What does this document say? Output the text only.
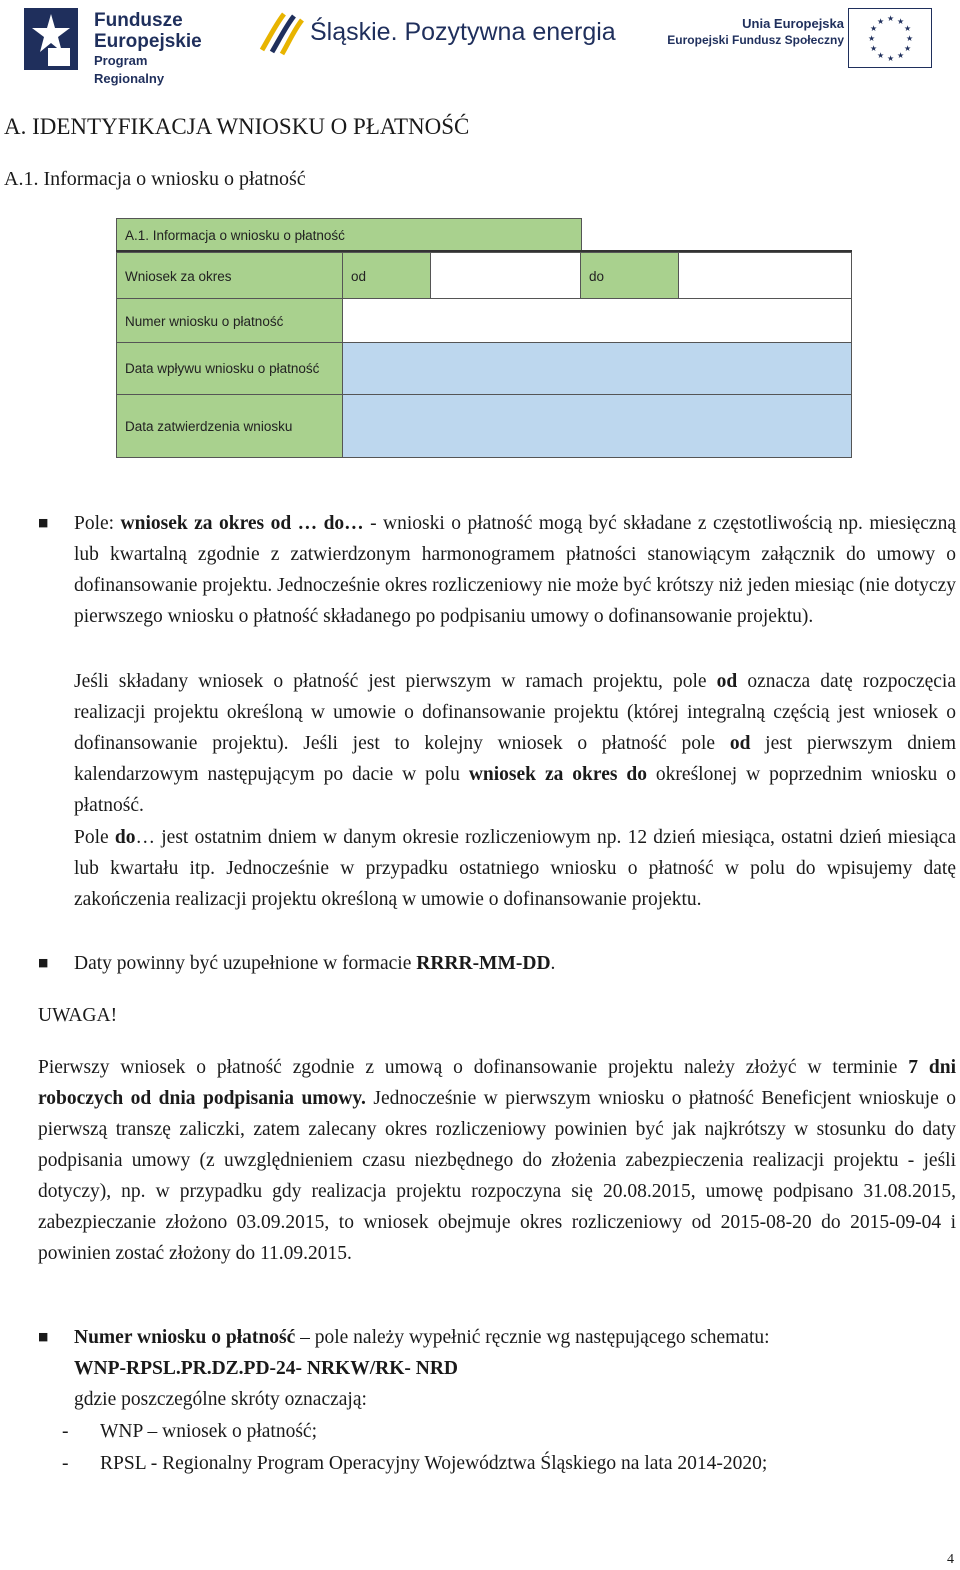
Fundusze
Europejskie
Program Regionalny
Śląskie. Pozytywna energia	Unia Europejska
Europejski Fundusz Społeczny
★ ★
★
★
★
★
★
★
★
★
★
★
A. IDENTYFIKACJA WNIOSKU O PŁATNOŚĆ
A.1. Informacja o wniosku o płatność
A.1. Informacja o wniosku o płatność
Wniosek za okres	od	do
Numer wniosku o płatność
Data wpływu wniosku o płatność
Data zatwierdzenia wniosku
■ Pole: wniosek za okres od … do… - wnioski o płatność mogą być składane z częstotliwością np. miesięczną lub kwartalną zgodnie z zatwierdzonym harmonogramem płatności stanowiącym załącznik do umowy o dofinansowanie projektu. Jednocześnie okres rozliczeniowy nie może być krótszy niż jeden miesiąc (nie dotyczy pierwszego wniosku o płatność składanego po podpisaniu umowy o dofinansowanie projektu).
Jeśli składany wniosek o płatność jest pierwszym w ramach projektu, pole od oznacza datę rozpoczęcia realizacji projektu określoną w umowie o dofinansowanie projektu (której integralną częścią jest wniosek o dofinansowanie projektu). Jeśli jest to kolejny wniosek o płatność pole od jest pierwszym dniem kalendarzowym następującym po dacie w polu wniosek za okres do określonej w poprzednim wniosku o płatność.
Pole do… jest ostatnim dniem w danym okresie rozliczeniowym np. 12 dzień miesiąca, ostatni dzień miesiąca lub kwartału itp. Jednocześnie w przypadku ostatniego wniosku o płatność w polu do wpisujemy datę zakończenia realizacji projektu określoną w umowie o dofinansowanie projektu.
■ Daty powinny być uzupełnione w formacie RRRR-MM-DD.
UWAGA!
Pierwszy wniosek o płatność zgodnie z umową o dofinansowanie projektu należy złożyć w terminie 7 dni roboczych od dnia podpisania umowy. Jednocześnie w pierwszym wniosku o płatność Beneficjent wnioskuje o pierwszą transzę zaliczki, zatem zalecany okres rozliczeniowy powinien być jak najkrótszy w stosunku do daty podpisania umowy (z uwzględnieniem czasu niezbędnego do złożenia zabezpieczenia realizacji projektu - jeśli dotyczy), np. w przypadku gdy realizacja projektu rozpoczyna się 20.08.2015, umowę podpisano 31.08.2015, zabezpieczanie złożono 03.09.2015, to wniosek obejmuje okres rozliczeniowy od 2015-08-20 do 2015-09-04 i powinien zostać złożony do 11.09.2015.
■ Numer wniosku o płatność – pole należy wypełnić ręcznie wg następującego schematu:
WNP-RPSL.PR.DZ.PD-24- NRKW/RK- NRD
gdzie poszczególne skróty oznaczają:
- WNP – wniosek o płatność;
- RPSL - Regionalny Program Operacyjny Województwa Śląskiego na lata 2014-2020;
4
